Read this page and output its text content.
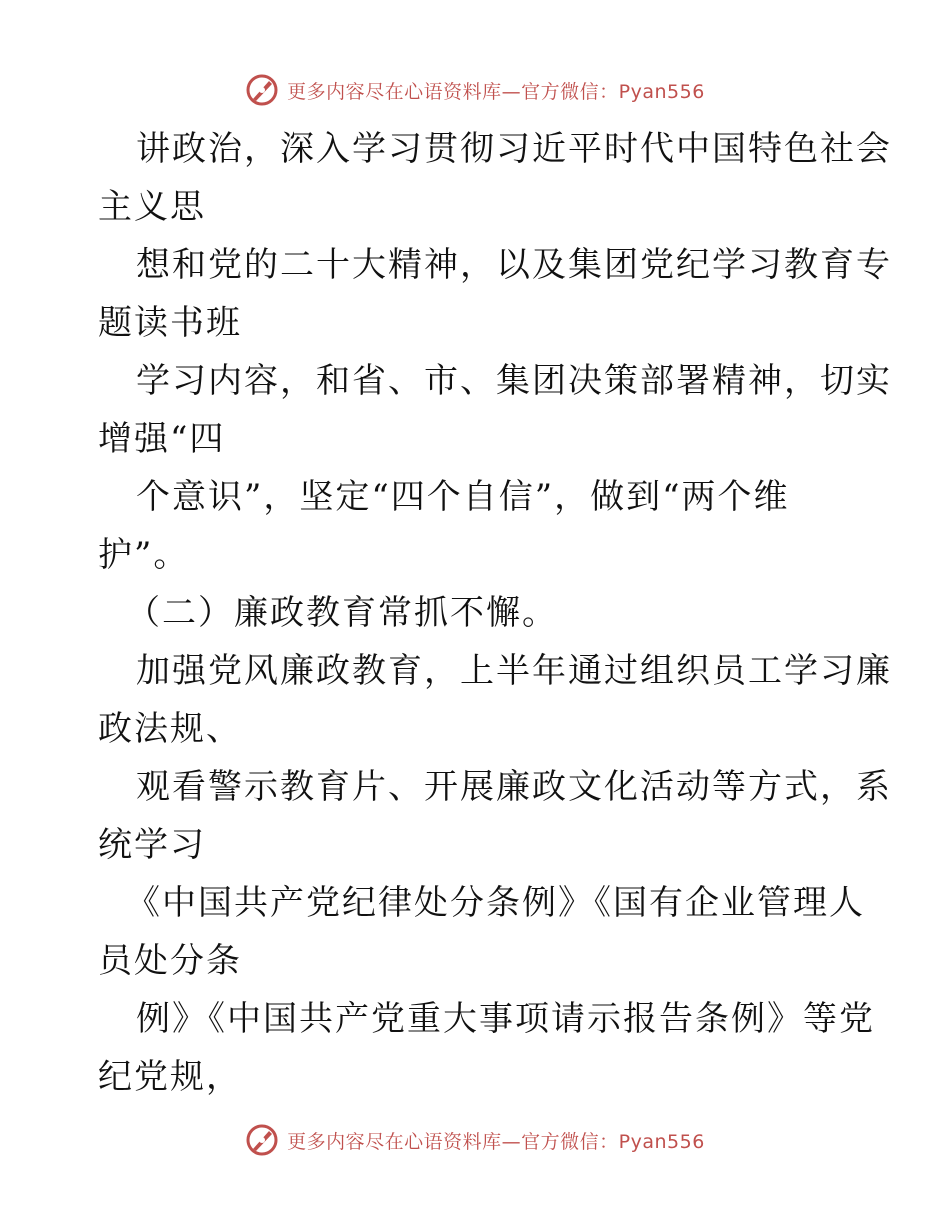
更多内容尽在心语资料库—官方微信：Pyan556
讲政治，深入学习贯彻习近平时代中国特色社会
主义思
想和党的二十大精神，以及集团党纪学习教育专
题读书班
学习内容，和省、市、集团决策部署精神，切实
增强“四
个意识”，坚定“四个自信”，做到“两个维
护”。
（二）廉政教育常抓不懈。
加强党风廉政教育，上半年通过组织员工学习廉
政法规、
观看警示教育片、开展廉政文化活动等方式，系
统学习
《中国共产党纪律处分条例》《国有企业管理人
员处分条
例》《中国共产党重大事项请示报告条例》等党
纪党规，
更多内容尽在心语资料库—官方微信：Pyan556
